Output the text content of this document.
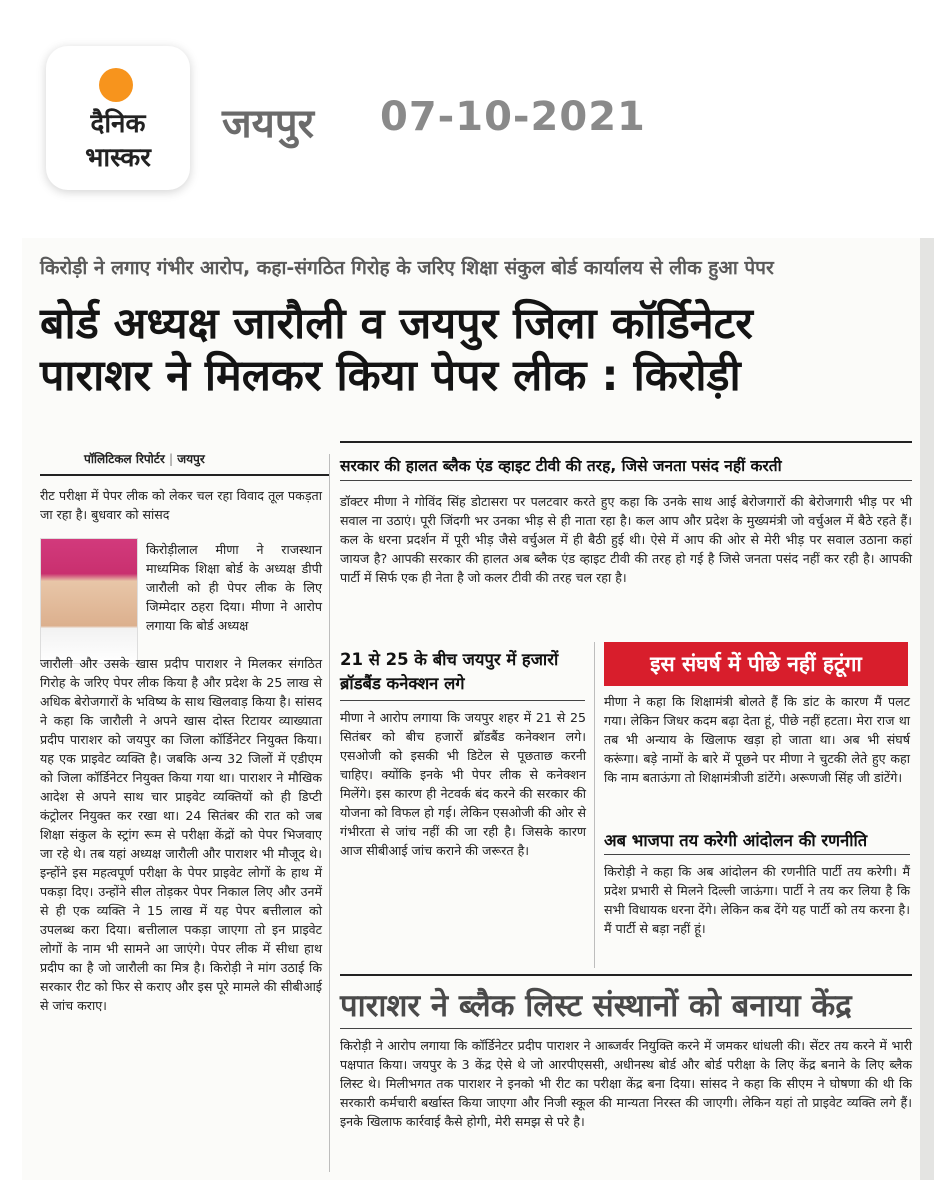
दैनिक
भास्कर
जयपुर 07-10-2021
किरोड़ी ने लगाए गंभीर आरोप, कहा-संगठित गिरोह के जरिए शिक्षा संकुल बोर्ड कार्यालय से लीक हुआ पेपर
बोर्ड अध्यक्ष जारौली व जयपुर जिला कॉर्डिनेटर
पाराशर ने मिलकर किया पेपर लीक : किरोड़ी
पॉलिटिकल रिपोर्टर | जयपुर
रीट परीक्षा में पेपर लीक को लेकर चल रहा विवाद तूल पकड़ता जा रहा है। बुधवार को सांसद
किरोड़ीलाल मीणा ने राजस्थान माध्यमिक शिक्षा बोर्ड के अध्यक्ष डीपी जारौली को ही पेपर लीक के लिए जिम्मेदार ठहरा दिया। मीणा ने आरोप लगाया कि बोर्ड अध्यक्ष
जारौली और उसके खास प्रदीप पाराशर ने मिलकर संगठित गिरोह के जरिए पेपर लीक किया है और प्रदेश के 25 लाख से अधिक बेरोजगारों के भविष्य के साथ खिलवाड़ किया है। सांसद ने कहा कि जारौली ने अपने खास दोस्त रिटायर व्याख्याता प्रदीप पाराशर को जयपुर का जिला कॉर्डिनेटर नियुक्त किया। यह एक प्राइवेट व्यक्ति है। जबकि अन्य 32 जिलों में एडीएम को जिला कॉर्डिनेटर नियुक्त किया गया था। पाराशर ने मौखिक आदेश से अपने साथ चार प्राइवेट व्यक्तियों को ही डिप्टी कंट्रोलर नियुक्त कर रखा था। 24 सितंबर की रात को जब शिक्षा संकुल के स्ट्रांग रूम से परीक्षा केंद्रों को पेपर भिजवाए जा रहे थे। तब यहां अध्यक्ष जारौली और पाराशर भी मौजूद थे। इन्होंने इस महत्वपूर्ण परीक्षा के पेपर प्राइवेट लोगों के हाथ में पकड़ा दिए। उन्होंने सील तोड़कर पेपर निकाल लिए और उनमें से ही एक व्यक्ति ने 15 लाख में यह पेपर बत्तीलाल को उपलब्ध करा दिया। बत्तीलाल पकड़ा जाएगा तो इन प्राइवेट लोगों के नाम भी सामने आ जाएंगे। पेपर लीक में सीधा हाथ प्रदीप का है जो जारौली का मित्र है। किरोड़ी ने मांग उठाई कि सरकार रीट को फिर से कराए और इस पूरे मामले की सीबीआई से जांच कराए।
सरकार की हालत ब्लैक एंड व्हाइट टीवी की तरह, जिसे जनता पसंद नहीं करती
डॉक्टर मीणा ने गोविंद सिंह डोटासरा पर पलटवार करते हुए कहा कि उनके साथ आई बेरोजगारों की बेरोजगारी भीड़ पर भी सवाल ना उठाएं। पूरी जिंदगी भर उनका भीड़ से ही नाता रहा है। कल आप और प्रदेश के मुख्यमंत्री जो वर्चुअल में बैठे रहते हैं। कल के धरना प्रदर्शन में पूरी भीड़ जैसे वर्चुअल में ही बैठी हुई थी। ऐसे में आप की ओर से मेरी भीड़ पर सवाल उठाना कहां जायज है? आपकी सरकार की हालत अब ब्लैक एंड व्हाइट टीवी की तरह हो गई है जिसे जनता पसंद नहीं कर रही है। आपकी पार्टी में सिर्फ एक ही नेता है जो कलर टीवी की तरह चल रहा है।
21 से 25 के बीच जयपुर में हजारों ब्रॉडबैंड कनेक्शन लगे
मीणा ने आरोप लगाया कि जयपुर शहर में 21 से 25 सितंबर को बीच हजारों ब्रॉडबैंड कनेक्शन लगे। एसओजी को इसकी भी डिटेल से पूछताछ करनी चाहिए। क्योंकि इनके भी पेपर लीक से कनेक्शन मिलेंगे। इस कारण ही नेटवर्क बंद करने की सरकार की योजना को विफल हो गई। लेकिन एसओजी की ओर से गंभीरता से जांच नहीं की जा रही है। जिसके कारण आज सीबीआई जांच कराने की जरूरत है।
इस संघर्ष में पीछे नहीं हटूंगा
मीणा ने कहा कि शिक्षामंत्री बोलते हैं कि डांट के कारण मैं पलट गया। लेकिन जिधर कदम बढ़ा देता हूं, पीछे नहीं हटता। मेरा राज था तब भी अन्याय के खिलाफ खड़ा हो जाता था। अब भी संघर्ष करूंगा। बड़े नामों के बारे में पूछने पर मीणा ने चुटकी लेते हुए कहा कि नाम बताऊंगा तो शिक्षामंत्रीजी डांटेंगे। अरूणजी सिंह जी डांटेंगे।
अब भाजपा तय करेगी आंदोलन की रणनीति
किरोड़ी ने कहा कि अब आंदोलन की रणनीति पार्टी तय करेगी। मैं प्रदेश प्रभारी से मिलने दिल्ली जाऊंगा। पार्टी ने तय कर लिया है कि सभी विधायक धरना देंगे। लेकिन कब देंगे यह पार्टी को तय करना है। मैं पार्टी से बड़ा नहीं हूं।
पाराशर ने ब्लैक लिस्ट संस्थानों को बनाया केंद्र
किरोड़ी ने आरोप लगाया कि कॉर्डिनेटर प्रदीप पाराशर ने आब्जर्वर नियुक्ति करने में जमकर धांधली की। सेंटर तय करने में भारी पक्षपात किया। जयपुर के 3 केंद्र ऐसे थे जो आरपीएससी, अधीनस्थ बोर्ड और बोर्ड परीक्षा के लिए केंद्र बनाने के लिए ब्लैक लिस्ट थे। मिलीभगत तक पाराशर ने इनको भी रीट का परीक्षा केंद्र बना दिया। सांसद ने कहा कि सीएम ने घोषणा की थी कि सरकारी कर्मचारी बर्खास्त किया जाएगा और निजी स्कूल की मान्यता निरस्त की जाएगी। लेकिन यहां तो प्राइवेट व्यक्ति लगे हैं। इनके खिलाफ कार्रवाई कैसे होगी, मेरी समझ से परे है।
